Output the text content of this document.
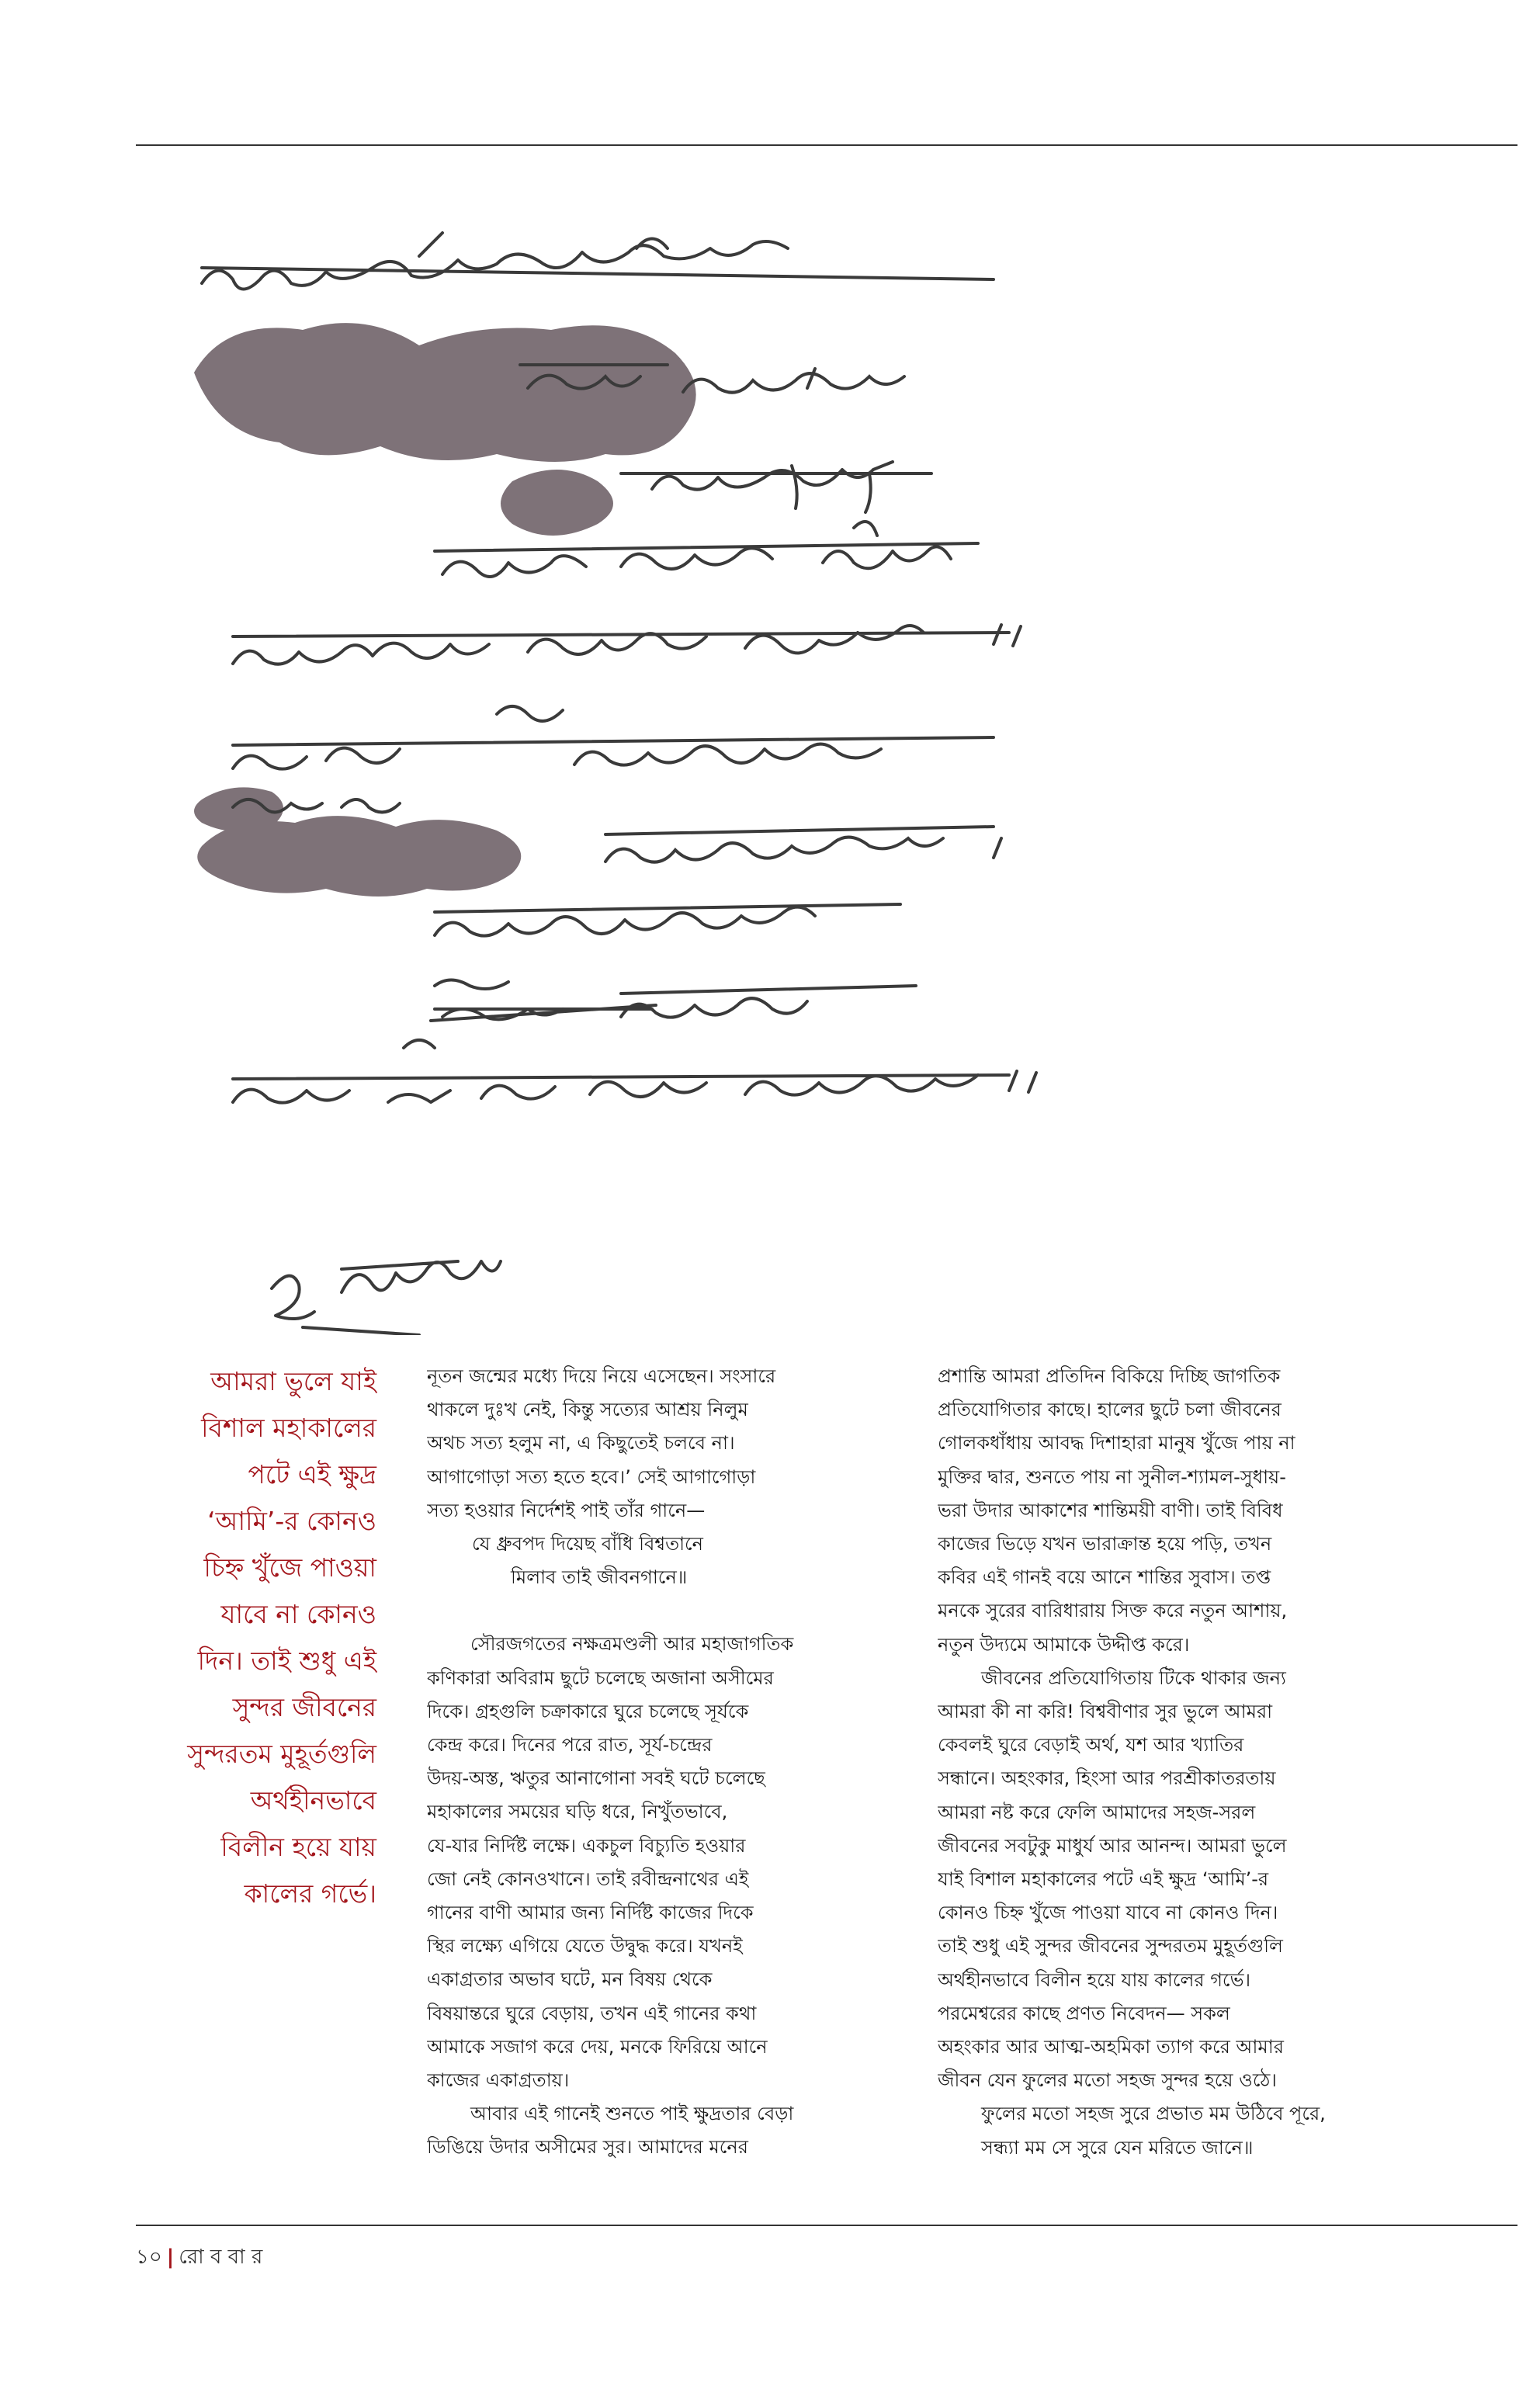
আমরা ভুলে যাই
বিশাল মহাকালের
পটে এই ক্ষুদ্র
‘আমি’-র কোনও
চিহ্ন খুঁজে পাওয়া
যাবে না কোনও
দিন। তাই শুধু এই
সুন্দর জীবনের
সুন্দরতম মুহূর্তগুলি
অর্থহীনভাবে
বিলীন হয়ে যায়
কালের গর্ভে।
নূতন জন্মের মধ্যে দিয়ে নিয়ে এসেছেন। সংসারে
থাকলে দুঃখ নেই, কিন্তু সত্যের আশ্রয় নিলুম
অথচ সত্য হলুম না, এ কিছুতেই চলবে না।
আগাগোড়া সত্য হতে হবে।’ সেই আগাগোড়া
সত্য হওয়ার নির্দেশই পাই তাঁর গানে—
যে ধ্রুবপদ দিয়েছ বাঁধি বিশ্বতানে
মিলাব তাই জীবনগানে॥
সৌরজগতের নক্ষত্রমণ্ডলী আর মহাজাগতিক
কণিকারা অবিরাম ছুটে চলেছে অজানা অসীমের
দিকে। গ্রহগুলি চক্রাকারে ঘুরে চলেছে সূর্যকে
কেন্দ্র করে। দিনের পরে রাত, সূর্য-চন্দ্রের
উদয়-অস্ত, ঋতুর আনাগোনা সবই ঘটে চলেছে
মহাকালের সময়ের ঘড়ি ধরে, নিখুঁতভাবে,
যে-যার নির্দিষ্ট লক্ষে। একচুল বিচ্যুতি হওয়ার
জো নেই কোনওখানে। তাই রবীন্দ্রনাথের এই
গানের বাণী আমার জন্য নির্দিষ্ট কাজের দিকে
স্থির লক্ষ্যে এগিয়ে যেতে উদ্বুদ্ধ করে। যখনই
একাগ্রতার অভাব ঘটে, মন বিষয় থেকে
বিষয়ান্তরে ঘুরে বেড়ায়, তখন এই গানের কথা
আমাকে সজাগ করে দেয়, মনকে ফিরিয়ে আনে
কাজের একাগ্রতায়।
আবার এই গানেই শুনতে পাই ক্ষুদ্রতার বেড়া
ডিঙিয়ে উদার অসীমের সুর। আমাদের মনের
প্রশান্তি আমরা প্রতিদিন বিকিয়ে দিচ্ছি জাগতিক
প্রতিযোগিতার কাছে। হালের ছুটে চলা জীবনের
গোলকধাঁধায় আবদ্ধ দিশাহারা মানুষ খুঁজে পায় না
মুক্তির দ্বার, শুনতে পায় না সুনীল-শ্যামল-সুধায়-
ভরা উদার আকাশের শান্তিময়ী বাণী। তাই বিবিধ
কাজের ভিড়ে যখন ভারাক্রান্ত হয়ে পড়ি, তখন
কবির এই গানই বয়ে আনে শান্তির সুবাস। তপ্ত
মনকে সুরের বারিধারায় সিক্ত করে নতুন আশায়,
নতুন উদ্যমে আমাকে উদ্দীপ্ত করে।
জীবনের প্রতিযোগিতায় টিকে থাকার জন্য
আমরা কী না করি! বিশ্ববীণার সুর ভুলে আমরা
কেবলই ঘুরে বেড়াই অর্থ, যশ আর খ্যাতির
সন্ধানে। অহংকার, হিংসা আর পরশ্রীকাতরতায়
আমরা নষ্ট করে ফেলি আমাদের সহজ-সরল
জীবনের সবটুকু মাধুর্য আর আনন্দ। আমরা ভুলে
যাই বিশাল মহাকালের পটে এই ক্ষুদ্র ‘আমি’-র
কোনও চিহ্ন খুঁজে পাওয়া যাবে না কোনও দিন।
তাই শুধু এই সুন্দর জীবনের সুন্দরতম মুহূর্তগুলি
অর্থহীনভাবে বিলীন হয়ে যায় কালের গর্ভে।
পরমেশ্বরের কাছে প্রণত নিবেদন— সকল
অহংকার আর আত্ম-অহমিকা ত্যাগ করে আমার
জীবন যেন ফুলের মতো সহজ সুন্দর হয়ে ওঠে।
ফুলের মতো সহজ সুরে প্রভাত মম উঠিবে পূরে,
সন্ধ্যা মম সে সুরে যেন মরিতে জানে॥
১০ | রো ব বা র
